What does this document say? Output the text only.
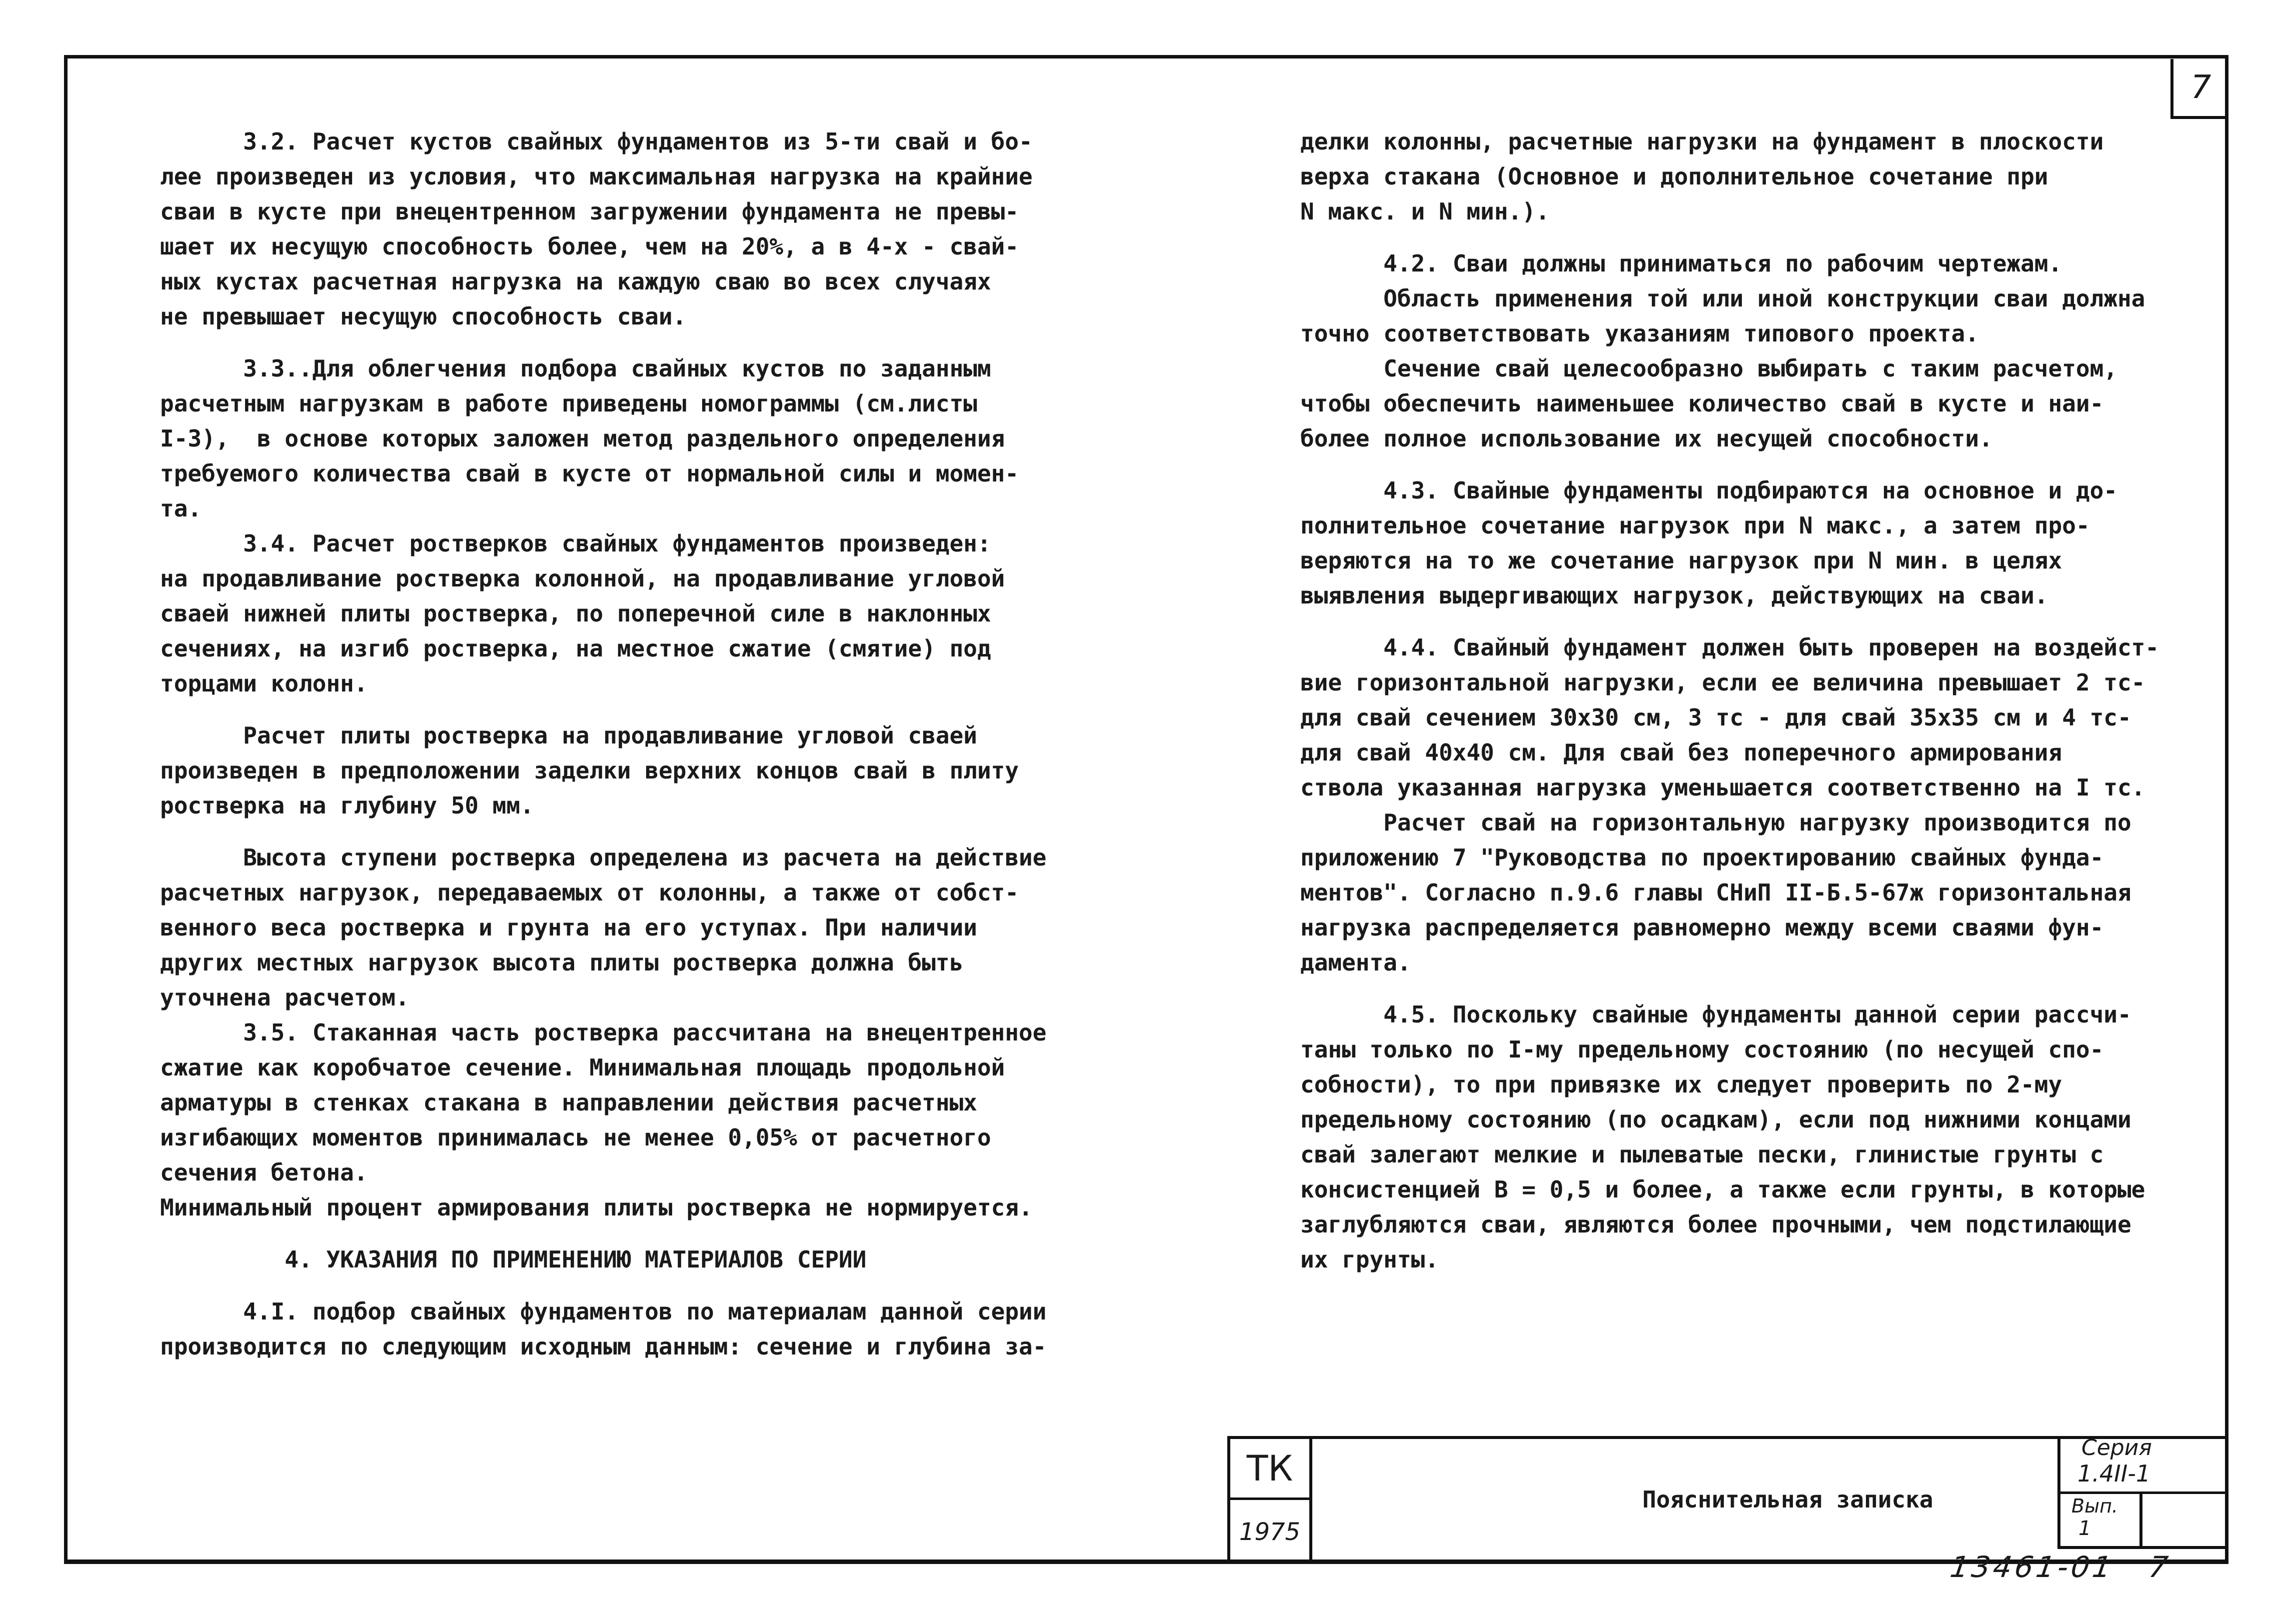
7

3.2. Расчет кустов свайных фундаментов из 5-ти свай и бо-

лее произведен из условия, что максимальная нагрузка на крайние

сваи в кусте при внецентренном загружении фундамента не превы-

шает их несущую способность более, чем на 20%, а в 4-х - свай-

ных кустах расчетная нагрузка на каждую сваю во всех случаях

не превышает несущую способность сваи.

3.3..Для облегчения подбора свайных кустов по заданным

расчетным нагрузкам в работе приведены номограммы (см.листы

I-3),  в основе которых заложен метод раздельного определения

требуемого количества свай в кусте от нормальной силы и момен-

та.

3.4. Расчет ростверков свайных фундаментов произведен:

на продавливание ростверка колонной, на продавливание угловой

сваей нижней плиты ростверка, по поперечной силе в наклонных

сечениях, на изгиб ростверка, на местное сжатие (смятие) под

торцами колонн.

Расчет плиты ростверка на продавливание угловой сваей

произведен в предположении заделки верхних концов свай в плиту

ростверка на глубину 50 мм.

Высота ступени ростверка определена из расчета на действие

расчетных нагрузок, передаваемых от колонны, а также от собст-

венного веса ростверка и грунта на его уступах. При наличии

других местных нагрузок высота плиты ростверка должна быть

уточнена расчетом.

3.5. Стаканная часть ростверка рассчитана на внецентренное

сжатие как коробчатое сечение. Минимальная площадь продольной

арматуры в стенках стакана в направлении действия расчетных

изгибающих моментов принималась не менее 0,05% от расчетного

сечения бетона.

Минимальный процент армирования плиты ростверка не нормируется.

4. УКАЗАНИЯ ПО ПРИМЕНЕНИЮ МАТЕРИАЛОВ СЕРИИ

4.I. подбор свайных фундаментов по материалам данной серии

производится по следующим исходным данным: сечение и глубина за-

делки колонны, расчетные нагрузки на фундамент в плоскости

верха стакана (Основное и дополнительное сочетание при

N макс. и N мин.).

4.2. Сваи должны приниматься по рабочим чертежам.

Область применения той или иной конструкции сваи должна

точно соответствовать указаниям типового проекта.

Сечение свай целесообразно выбирать с таким расчетом,

чтобы обеспечить наименьшее количество свай в кусте и наи-

более полное использование их несущей способности.

4.3. Свайные фундаменты подбираются на основное и до-

полнительное сочетание нагрузок при N макс., а затем про-

веряются на то же сочетание нагрузок при N мин. в целях

выявления выдергивающих нагрузок, действующих на сваи.

4.4. Свайный фундамент должен быть проверен на воздейст-

вие горизонтальной нагрузки, если ее величина превышает 2 тс-

для свай сечением 30х30 см, 3 тс - для свай 35х35 см и 4 тс-

для свай 40х40 см. Для свай без поперечного армирования

ствола указанная нагрузка уменьшается соответственно на I тс.

Расчет свай на горизонтальную нагрузку производится по

приложению 7 "Руководства по проектированию свайных фунда-

ментов". Согласно п.9.6 главы СНиП II-Б.5-67ж горизонтальная

нагрузка распределяется равномерно между всеми сваями фун-

дамента.

4.5. Поскольку свайные фундаменты данной серии рассчи-

таны только по I-му предельному состоянию (по несущей спо-

собности), то при привязке их следует проверить по 2-му

предельному состоянию (по осадкам), если под нижними концами

свай залегают мелкие и пылеватые пески, глинистые грунты с

консистенцией В = 0,5 и более, а также если грунты, в которые

заглубляются сваи, являются более прочными, чем подстилающие

их грунты.

ТК
1975
Пояснительная записка
Серия
1.4II-1
Вып.
1
13461-01 7
